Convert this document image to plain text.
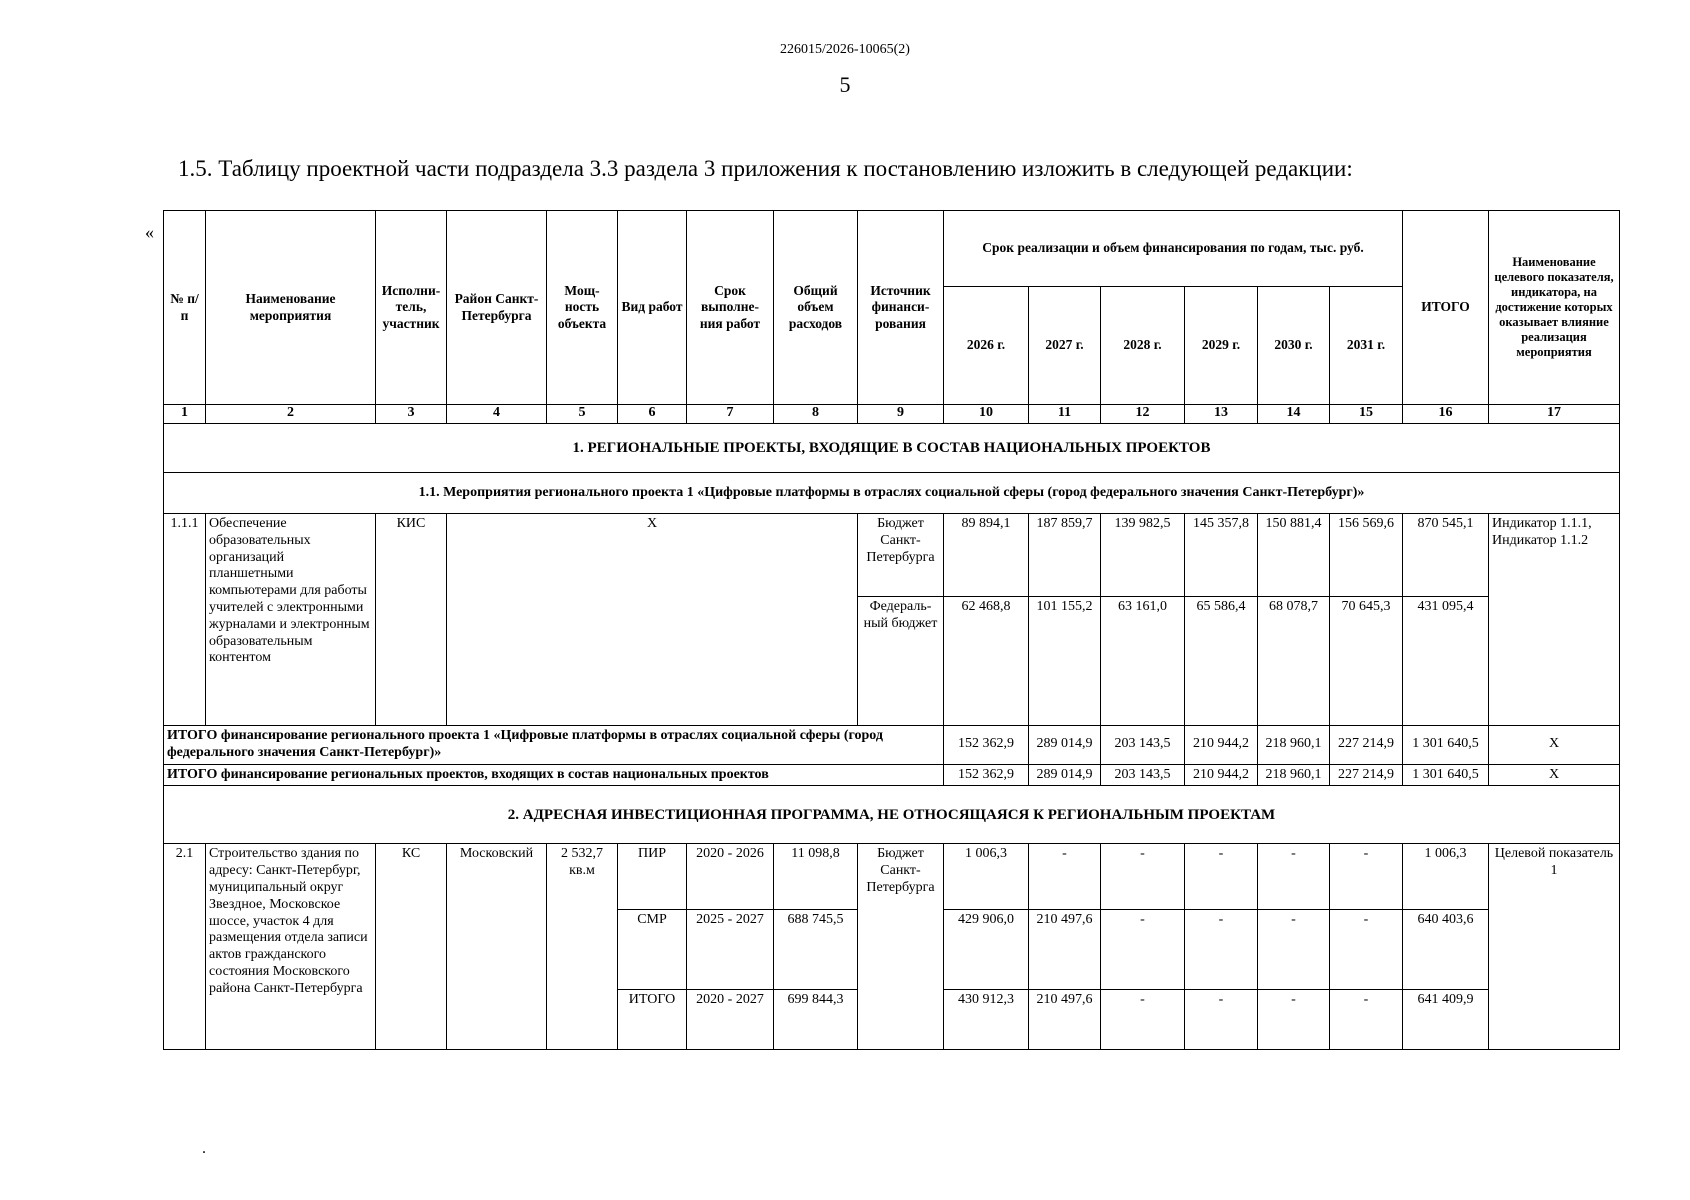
226015/2026-10065(2)
5
1.5. Таблицу проектной части подраздела 3.3 раздела 3 приложения к постановлению изложить в следующей редакции:
«
№ п/п	Наименование мероприятия	Исполни-тель, участник	Район Санкт-Петербурга	Мощ-ность объекта	Вид работ	Срок выполне-ния работ	Общий объем расходов	Источник финанси-рования	Срок реализации и объем финансирования по годам, тыс. руб.						ИТОГО	Наименование целевого показателя, индикатора, на достижение которых оказывает влияние реализация мероприятия
									2026 г.	2027 г.	2028 г.	2029 г.	2030 г.	2031 г.		
1	2	3	4	5	6	7	8	9	10	11	12	13	14	15	16	17
1. РЕГИОНАЛЬНЫЕ ПРОЕКТЫ, ВХОДЯЩИЕ В СОСТАВ НАЦИОНАЛЬНЫХ ПРОЕКТОВ																
1.1. Мероприятия регионального проекта 1 «Цифровые платформы в отраслях социальной сферы (город федерального значения Санкт-Петербург)»																
1.1.1	Обеспечение образовательных организаций планшетными компьютерами для работы учителей с электронными журналами и электронным образовательным контентом	КИС	X					Бюджет Санкт-Петербурга	89 894,1	187 859,7	139 982,5	145 357,8	150 881,4	156 569,6	870 545,1	Индикатор 1.1.1, Индикатор 1.1.2
								Федераль-ный бюджет	62 468,8	101 155,2	63 161,0	65 586,4	68 078,7	70 645,3	431 095,4	
ИТОГО финансирование регионального проекта 1 «Цифровые платформы в отраслях социальной сферы (город федерального значения Санкт-Петербург)»									152 362,9	289 014,9	203 143,5	210 944,2	218 960,1	227 214,9	1 301 640,5	X
ИТОГО финансирование региональных проектов, входящих в состав национальных проектов									152 362,9	289 014,9	203 143,5	210 944,2	218 960,1	227 214,9	1 301 640,5	X
2. АДРЕСНАЯ ИНВЕСТИЦИОННАЯ ПРОГРАММА, НЕ ОТНОСЯЩАЯСЯ К РЕГИОНАЛЬНЫМ ПРОЕКТАМ																
2.1	Строительство здания по адресу: Санкт-Петербург, муниципальный округ Звездное, Московское шоссе, участок 4 для размещения отдела записи актов гражданского состояния Московского района Санкт-Петербурга	КС	Московский	2 532,7 кв.м	ПИР	2020 - 2026	11 098,8	Бюджет Санкт-Петербурга	1 006,3	-	-	-	-	-	1 006,3	Целевой показатель 1
					СМР	2025 - 2027	688 745,5		429 906,0	210 497,6	-	-	-	-	640 403,6	
					ИТОГО	2020 - 2027	699 844,3		430 912,3	210 497,6	-	-	-	-	641 409,9	
.
